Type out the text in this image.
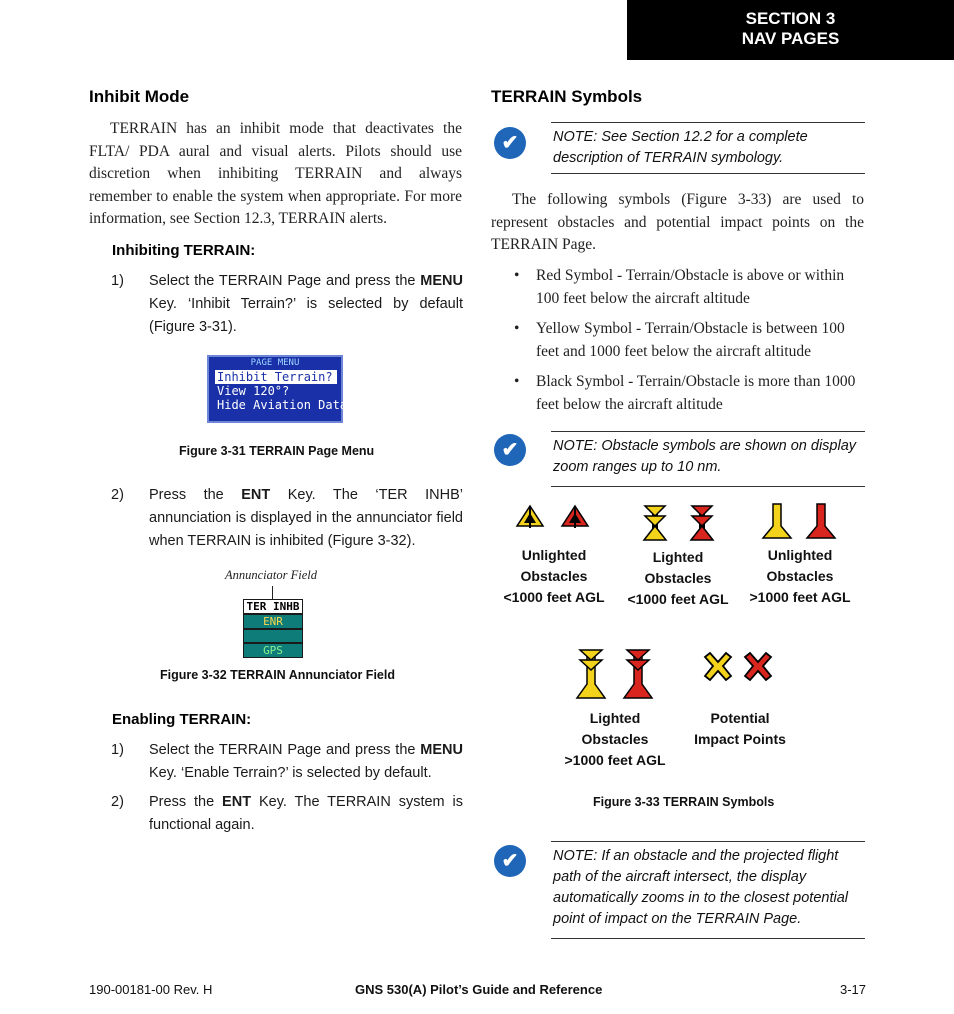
SECTION 3
NAV PAGES
Inhibit Mode
TERRAIN has an inhibit mode that deactivates the FLTA/ PDA aural and visual alerts. Pilots should use discretion when inhibiting TERRAIN and always remember to enable the system when appropriate. For more information, see Section 12.3, TERRAIN alerts.
Inhibiting TERRAIN:
1) Select the TERRAIN Page and press the MENU Key. ‘Inhibit Terrain?’ is selected by default (Figure 3-31).
PAGE MENU
Inhibit Terrain?
View 120°?
Hide Aviation Data?
Figure 3-31 TERRAIN Page Menu
2) Press the ENT Key. The ‘TER INHB’ annunciation is displayed in the annunciator field when TERRAIN is inhibited (Figure 3-32).
Annunciator Field
TER INHB
ENR
GPS
Figure 3-32 TERRAIN Annunciator Field
Enabling TERRAIN:
1) Select the TERRAIN Page and press the MENU Key. ‘Enable Terrain?’ is selected by default.
2) Press the ENT Key. The TERRAIN system is functional again.
TERRAIN Symbols
✔	NOTE: See Section 12.2 for a complete description of TERRAIN symbology.
The following symbols (Figure 3-33) are used to represent obstacles and potential impact points on the TERRAIN Page.
• Red Symbol - Terrain/Obstacle is above or within 100 feet below the aircraft altitude
• Yellow Symbol - Terrain/Obstacle is between 100 feet and 1000 feet below the aircraft altitude
• Black Symbol - Terrain/Obstacle is more than 1000 feet below the aircraft altitude
✔	NOTE: Obstacle symbols are shown on display zoom ranges up to 10 nm.
Unlighted
Obstacles
<1000 feet AGL
Lighted
Obstacles
<1000 feet AGL
Unlighted
Obstacles
>1000 feet AGL
Lighted
Obstacles
>1000 feet AGL
Potential
Impact Points
Figure 3-33 TERRAIN Symbols
✔	NOTE: If an obstacle and the projected flight path of the aircraft intersect, the display automatically zooms in to the closest potential point of impact on the TERRAIN Page.
190-00181-00 Rev. H	GNS 530(A) Pilot’s Guide and Reference	3-17
